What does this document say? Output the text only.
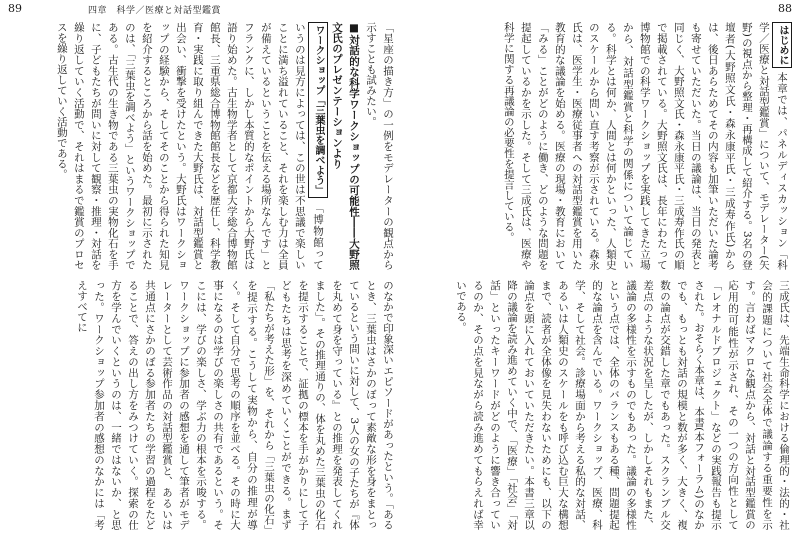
89	四章　科学／医療と対話型鑑賞	88
はじめに 本章では、パネルディスカッション「科学／医療と対話型鑑賞」について、モデレーター(矢野)の視点から整理・再構成して紹介する。3名の登壇者(大野照文氏・森永康平氏・三成寿作氏)からは、後日あらためてその内容も加筆いただいた論考も寄せていただいた。当日の議論は、当日の発表と同じく、大野照文氏・森永康平氏・三成寿作氏の順で掲載されている。大野照文氏は、長年にわたって博物館での科学ワークショップを実践してきた立場から、対話型鑑賞と科学の関係について論じている。科学とは何か、人間とは何かといった、人類史のスケールから問い直す考察が示されている。森永氏は、医学生・医療従事者への対話型鑑賞を用いた教育的な議論を始める。医療の現場・教育において「みる」ことがどのように働き、どのような問題を提起しているかを示した。そして三成氏は、医療や科学に関する再議論の必要性を提言している。
三成氏は、先端生命科学における倫理的・法的・社会的課題について社会全体で議論する重要性を示す。言わばマクロな観点から、対話と対話型鑑賞の応用的可能性が示され、その一つの方向性として「レオナルドプロジェクト」などの実践報告も提示された。おそらく本章は、本書(本フォーラム)のなかでも、もっとも対話の規模と数が多く、大きく、複数の論点が交錯した章でもあった。スクランブル交差点のような状況を呈したが、しかしそれもまた、議論の多様性を示すものでもあった。議論の多様性という点では、全体のバランスもある種、問題提起的な論点を含んでいる。ワークショップ、医療、科学、そして社会。診療場面から考える私的な対話、あるいは人類史のスケールをも呼び込む巨大な構想まで、読者が全体像を見失わないためにも、以下の論点を頭に入れておいていただきたい。本書三章以降の議論を読み進めていく中で、「医療」「社会」「対話」といったキーワードがどのように響き合っているのか、その点を見ながら読み進めてもらえれば幸いである。
「星座の描き方」の一例をモデレーターの観点から示すことも試みたい。
■対話的な科学ワークショップの可能性――大野照文氏のプレゼンテーションより
ワークショップ「三葉虫を調べよう」 「博物館っていうのは見方によっては、この世は不思議で楽しいことに満ち溢れていること、それを楽しむ力は全員が備えているということを伝える場所なんです」とフランクに、しかし本質的なポイントから大野氏は語り始めた。古生物学者として京都大学総合博物館館長、三重県総合博物館館長などを歴任し、科学教育・実践に取り組んできた大野氏は、対話型鑑賞と出会い、衝撃を受けたという。大野氏はワークショップの経験から、そしてそのことから得られた知見を紹介するところから話を始めた。最初に示されたのは、「三葉虫を調べよう」というワークショップである。古生代の生き物である三葉虫の実物化石を手に、子どもたちが問いに対して観察・推理・対話を繰り返していく活動で、それはまるで鑑賞のプロセスを繰り返していく活動である。
のなかで印象深いエピソードがあったという。「あるとき、三葉虫はさかのぼって素敵な形を身をまとっているという問いに対して、3人の女の子たちが『体を丸めて身を守っている』との推理を発表してくれました」。その推理通りの、体を丸めた三葉虫の化石を提示することで、証拠の標本を手がかりにして子どもたちは思考を深めていくことができる。まず「私たちが考えた形」を、それから「三葉虫の化石」を提示する。こうして実物から、自分の推理が導く。そして自分で思考の順序を並べる。その時に大事になるのは学びの楽しさの共有であるという。そこには、学びの楽しさ、学ぶ力の根本を示唆する。ワークショップに参加者の感想を通して筆者がモデレーターとして芸術作品の対話型鑑賞と、あるいは共通点にさかのぼる参加者たちの学習の過程をたどることで、答えの出し方をみつけていく。探索の仕方を学んでいくというのは、一緒ではないか、と思った。ワークショップ参加者の感想のなかには「考えすべてに
